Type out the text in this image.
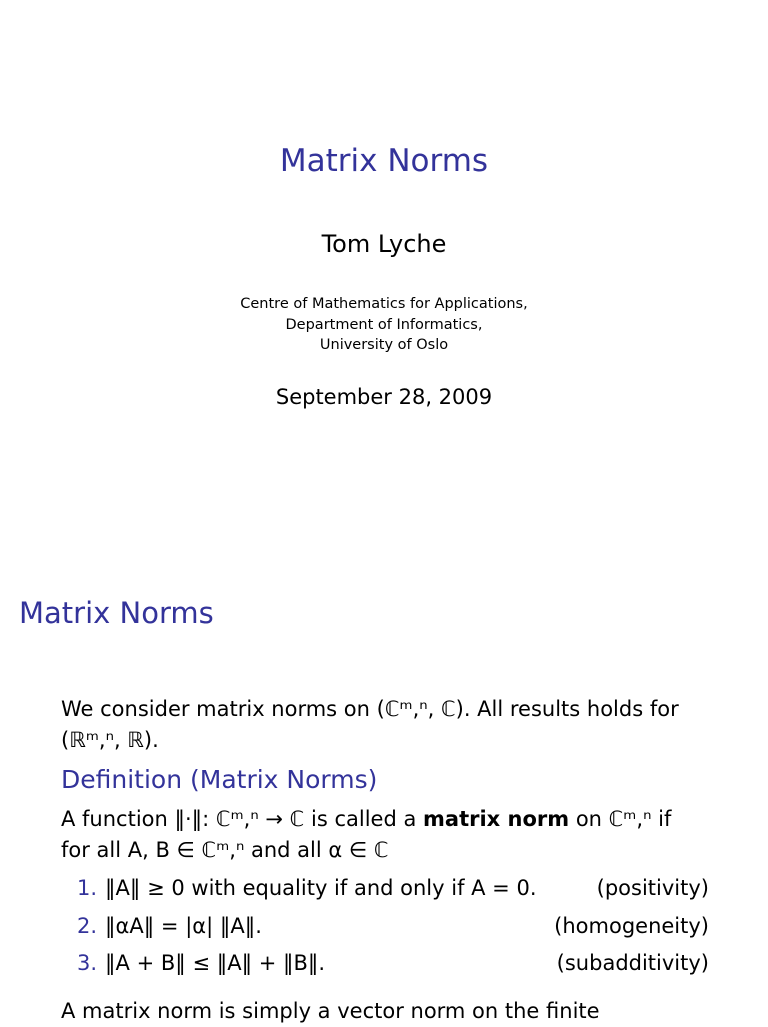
Matrix Norms
Tom Lyche
Centre of Mathematics for Applications,
Department of Informatics,
University of Oslo
September 28, 2009
Matrix Norms
We consider matrix norms on (ℂᵐ,ⁿ, ℂ). All results holds for
(ℝᵐ,ⁿ, ℝ).
Definition (Matrix Norms)
A function ‖·‖: ℂᵐ,ⁿ → ℂ is called a matrix norm on ℂᵐ,ⁿ if
for all A, B ∈ ℂᵐ,ⁿ and all α ∈ ℂ
1. ‖A‖ ≥ 0 with equality if and only if A = 0.	(positivity)
2. ‖αA‖ = |α| ‖A‖.	(homogeneity)
3. ‖A + B‖ ≤ ‖A‖ + ‖B‖.	(subadditivity)
A matrix norm is simply a vector norm on the finite
